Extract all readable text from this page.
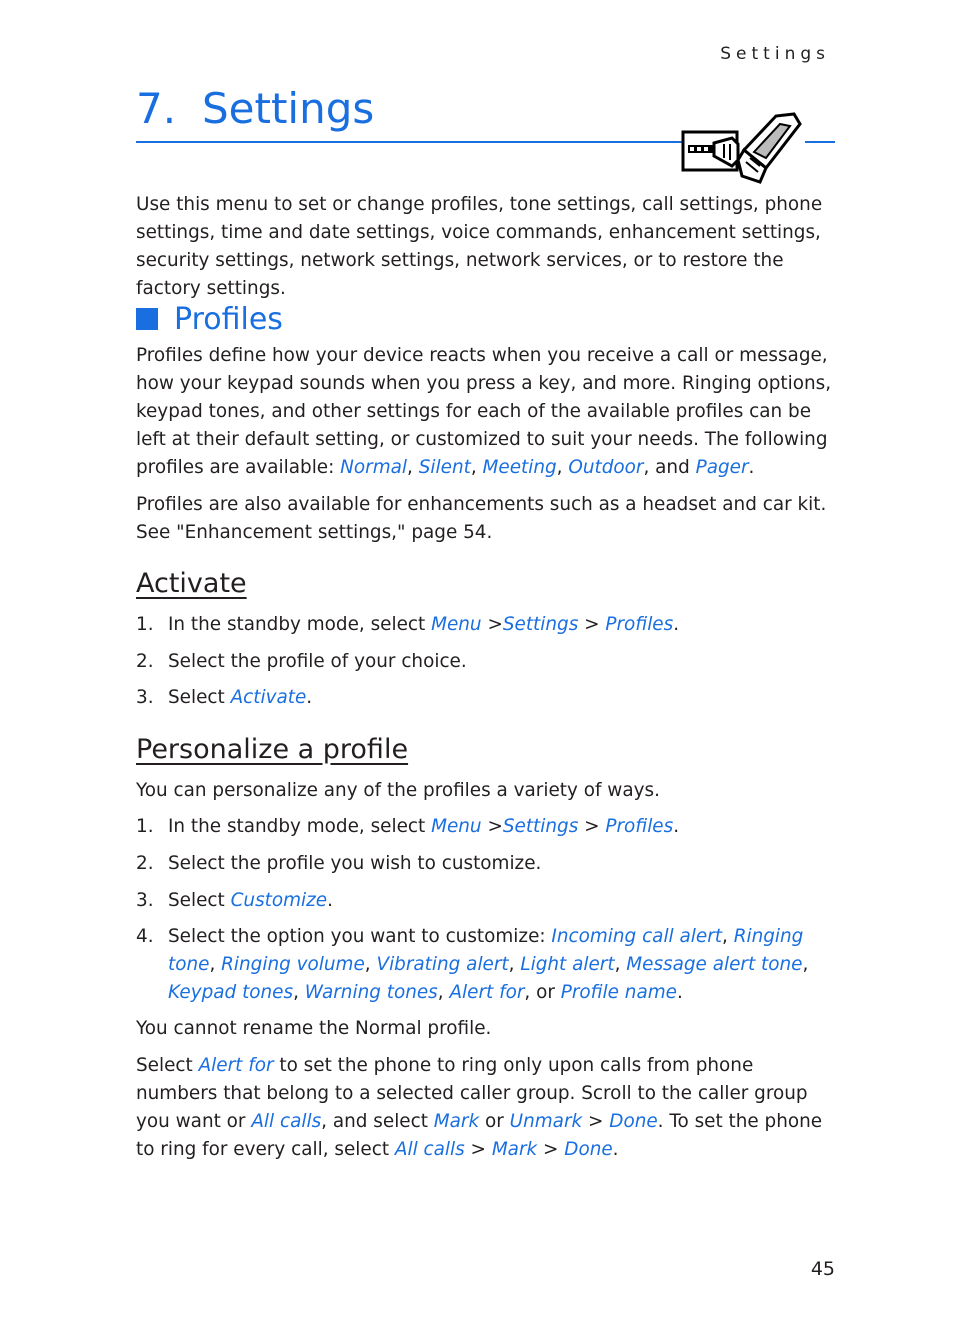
Settings
7. Settings

Use this menu to set or change profiles, tone settings, call settings, phone settings, time and date settings, voice commands, enhancement settings, security settings, network settings, network services, or to restore the factory settings.

Profiles

Profiles define how your device reacts when you receive a call or message, how your keypad sounds when you press a key, and more. Ringing options, keypad tones, and other settings for each of the available profiles can be left at their default setting, or customized to suit your needs. The following profiles are available: Normal, Silent, Meeting, Outdoor, and Pager.

Profiles are also available for enhancements such as a headset and car kit.
See "Enhancement settings," page 54.

Activate
1. In the standby mode, select Menu >Settings > Profiles.
2. Select the profile of your choice.
3. Select Activate.
Personalize a profile

You can personalize any of the profiles a variety of ways.

1. In the standby mode, select Menu >Settings > Profiles.
2. Select the profile you wish to customize.
3. Select Customize.
4. Select the option you want to customize: Incoming call alert, Ringing tone, Ringing volume, Vibrating alert, Light alert, Message alert tone, Keypad tones, Warning tones, Alert for, or Profile name.

You cannot rename the Normal profile.

Select Alert for to set the phone to ring only upon calls from phone numbers that belong to a selected caller group. Scroll to the caller group you want or All calls, and select Mark or Unmark > Done. To set the phone to ring for every call, select All calls > Mark > Done.

45
